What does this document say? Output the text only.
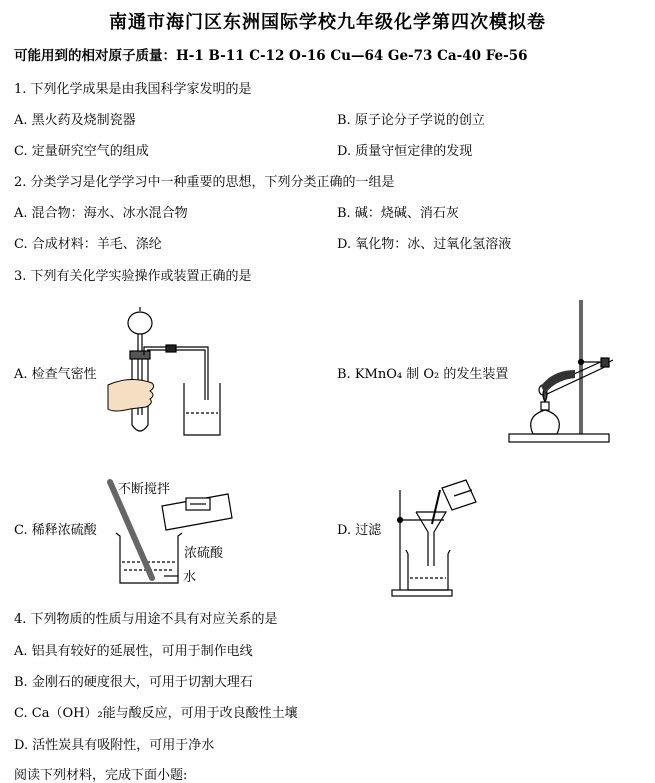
南通市海门区东洲国际学校九年级化学第四次模拟卷
可能用到的相对原子质量：H-1 B-11 C-12 O-16 Cu—64 Ge-73 Ca-40 Fe-56
1. 下列化学成果是由我国科学家发明的是
A. 黑火药及烧制瓷器	B. 原子论分子学说的创立
C. 定量研究空气的组成	D. 质量守恒定律的发现
2. 分类学习是化学学习中一种重要的思想，下列分类正确的一组是
A. 混合物：海水、冰水混合物	B. 碱：烧碱、消石灰
C. 合成材料：羊毛、涤纶	D. 氧化物：冰、过氧化氢溶液
3. 下列有关化学实验操作或装置正确的是
A. 检查气密性	B. KMnO₄ 制 O₂ 的发生装置
C. 稀释浓硫酸	D. 过滤
不断搅拌
浓硫酸
水
4. 下列物质的性质与用途不具有对应关系的是
A. 铝具有较好的延展性，可用于制作电线
B. 金刚石的硬度很大，可用于切割大理石
C. Ca（OH）₂能与酸反应，可用于改良酸性土壤
D. 活性炭具有吸附性，可用于净水
阅读下列材料，完成下面小题:
